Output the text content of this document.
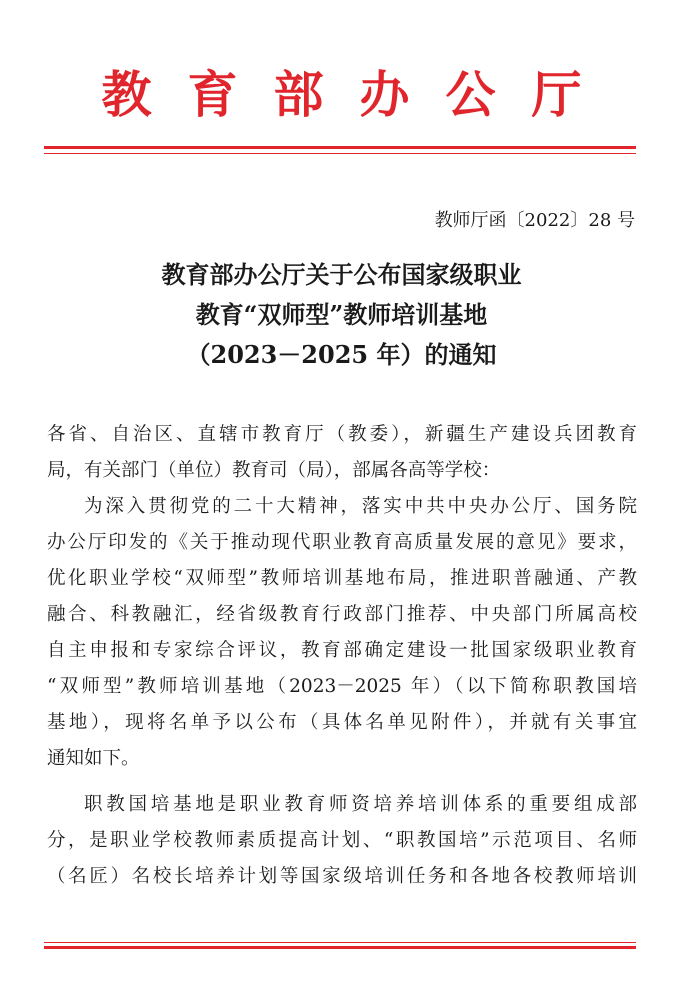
教育部办公厅
教师厅函〔2022〕28 号
教育部办公厅关于公布国家级职业
教育“双师型”教师培训基地
（2023－2025 年）的通知
各省、自治区、直辖市教育厅（教委），新疆生产建设兵团教育
局，有关部门（单位）教育司（局），部属各高等学校：
为深入贯彻党的二十大精神，落实中共中央办公厅、国务院
办公厅印发的《关于推动现代职业教育高质量发展的意见》要求，
优化职业学校“双师型”教师培训基地布局，推进职普融通、产教
融合、科教融汇，经省级教育行政部门推荐、中央部门所属高校
自主申报和专家综合评议，教育部确定建设一批国家级职业教育
“双师型”教师培训基地（2023－2025 年）（以下简称职教国培
基地），现将名单予以公布（具体名单见附件），并就有关事宜
通知如下。
职教国培基地是职业教育师资培养培训体系的重要组成部
分，是职业学校教师素质提高计划、“职教国培”示范项目、名师
（名匠）名校长培养计划等国家级培训任务和各地各校教师培训
